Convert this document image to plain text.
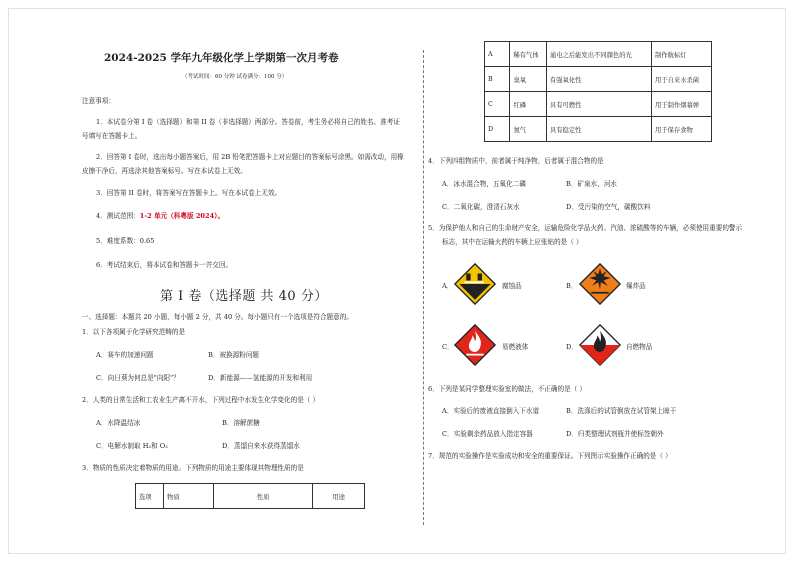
2024-2025 学年九年级化学上学期第一次月考卷
（考试时间：60 分钟 试卷满分：100 分）
注意事项：
1．本试卷分第 I 卷（选择题）和第 II 卷（非选择题）两部分。答卷前，考生务必将自己的姓名、准考证
号填写在答题卡上。
2．回答第 I 卷时，选出每小题答案后，用 2B 铅笔把答题卡上对应题目的答案标号涂黑。如需改动，用橡
皮擦干净后，再选涂其他答案标号。写在本试卷上无效。
3．回答第 II 卷时，将答案写在答题卡上。写在本试卷上无效。
4．测试范围：1-2 单元（科粤版 2024）。
5．难度系数：0.65
6．考试结束后，将本试卷和答题卡一并交回。
第 I 卷（选择题 共 40 分）
一、选择题：本题共 20 小题，每小题 2 分，共 40 分。每小题只有一个选项是符合题意的。
1．以下各项属于化学研究范畴的是
A．赛车的加速问题	B．被换源粉问题
C．向日葵为何总是"向阳"？	D．新能源——氢能源的开发和利用
2．人类的日常生活和工农业生产离不开水，下列过程中水发生化学变化的是（ ）
A．水降温结冰	B．溶解蔗糖
C．电解水制取 H₂和 O₂	D．蒸馏自来水获得蒸馏水
3．物质的性质决定着物质的用途。下列物质的用途主要体现其物理性质的是
选项	物质	性质	用途
A	稀有气体	通电之后能发出不同颜色的光	制作航标灯
B	臭氧	有强氧化性	用于自来水杀菌
C	红磷	具有可燃性	用于制作烟幕弹
D	氮气	具有稳定性	用于保存食物
4．下列四组物质中，前者属于纯净物，后者属于混合物的是
A．冰水混合物，五氧化二磷	B．矿泉水，河水
C．二氧化碳，澄清石灰水	D．受污染的空气，碳酸饮料
5．为保护他人和自己的生命财产安全，运输危险化学品火药、汽油、浓硫酸等的车辆，必须使用重要的警示
标志，其中在运输火药的车辆上应张贴的是（ ）
A．	腐蚀品	B．	爆炸品
C．	易燃液体	D．	自燃物品
6．下列是某同学整理实验室的做法，不正确的是（ ）
A．实验后的废液直接倒入下水道	B．洗涤后的试管倒放在试管架上晾干
C．实验剩余药品放入指定容器	D．归类整理试剂瓶并使标签朝外
7．规范的实验操作是实验成功和安全的重要保证。下列图示实验操作正确的是（ ）
